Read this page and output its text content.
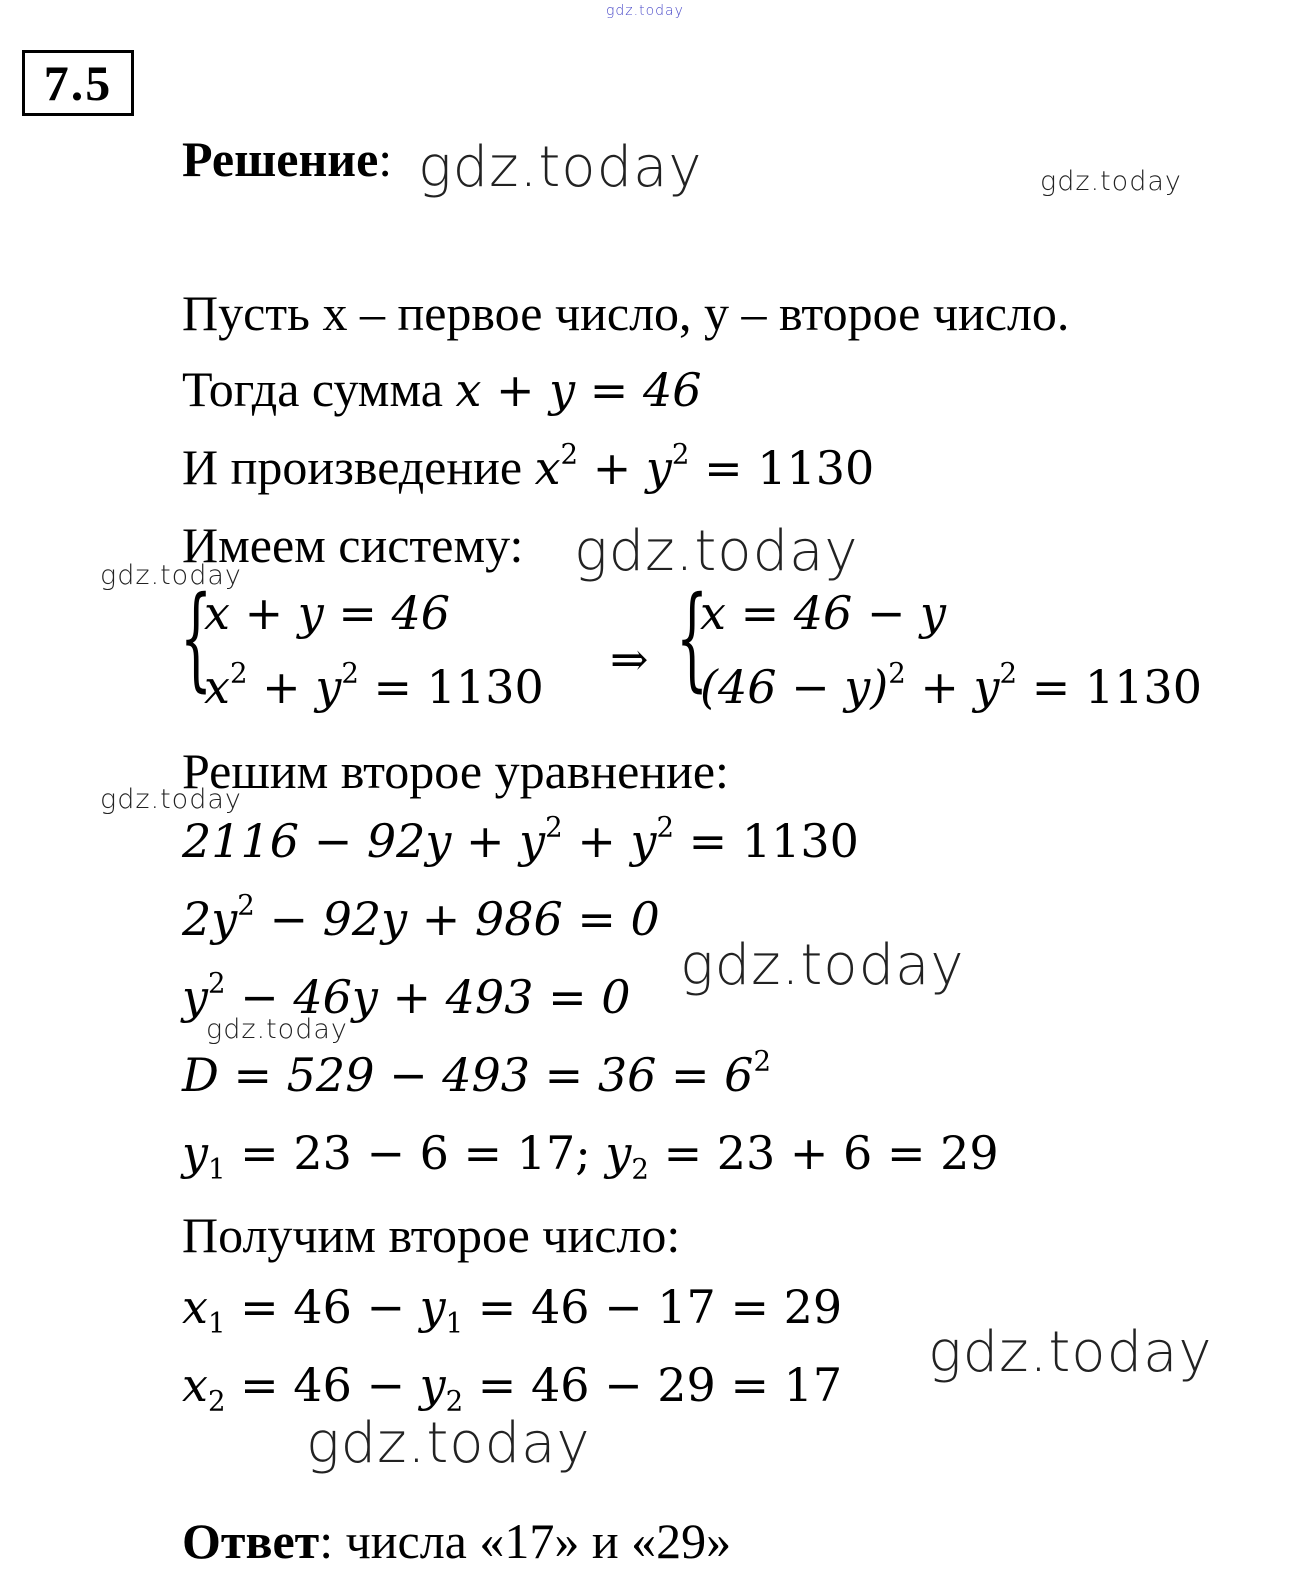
gdz.today
gdz.today	gdz.today
gdz.today
gdz.today
gdz.today
gdz.today
gdz.today
gdz.today
gdz.today
7.5
Решение:
Пусть х – первое число, у – второе число.
Тогда сумма x + y = 46
И произведение $x^2 + y^2 = 1130$
Имеем систему:
{
x + y = 46
$x^2 + y^2 = 1130$
⇒ {
x = 46 − y
$(46 - y)^2 + y^2 = 1130$
Решим второе уравнение:
$2116 - 92y + y^2 + y^2 = 1130$
$2y^2 - 92y + 986 = 0$
$y^2 - 46y + 493 = 0$
$D = 529 - 493 = 36 = 6^2$
$y_1 = 23 - 6 = 17$; $y_2 = 23 + 6 = 29$
Получим второе число:
$x_1 = 46 - y_1 = 46 - 17 = 29$
$x_2 = 46 - y_2 = 46 - 29 = 17$
Ответ: числа «17» и «29»
